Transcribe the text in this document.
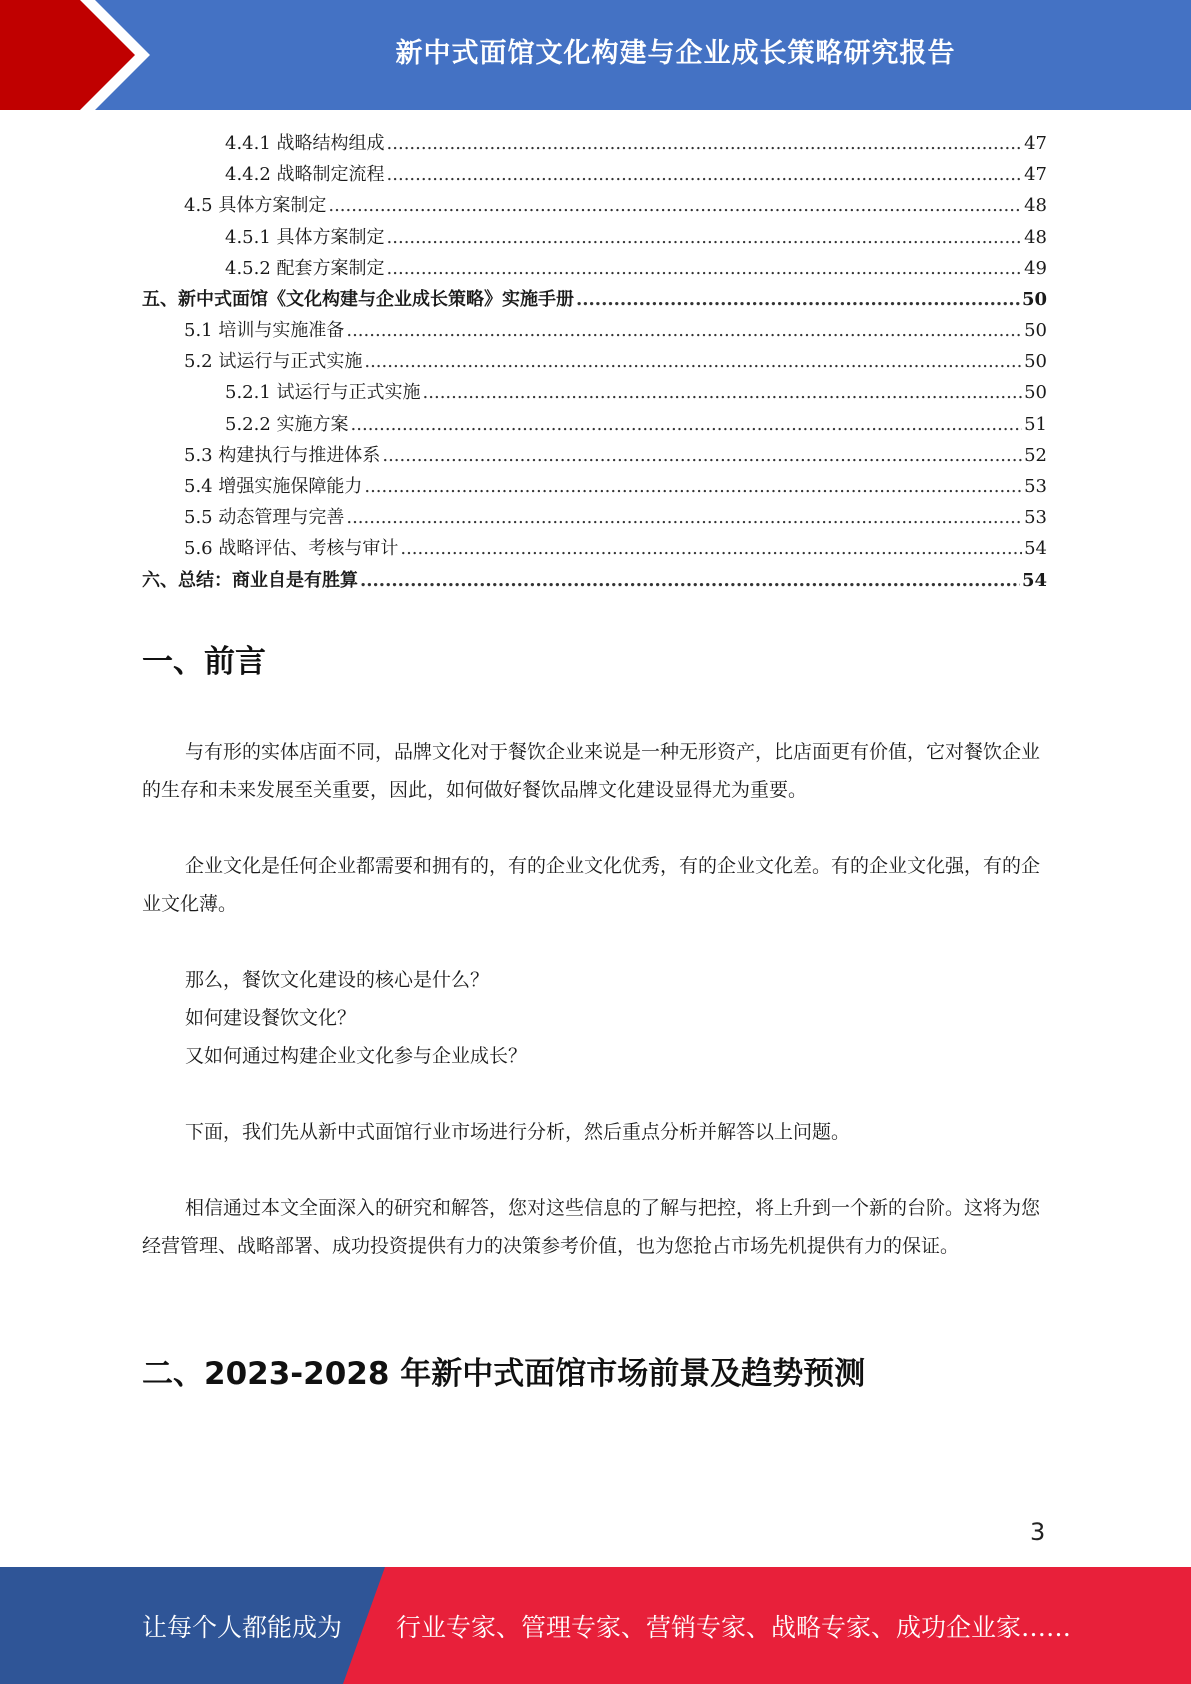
新中式面馆文化构建与企业成长策略研究报告
4.4.1 战略结构组成 .....	47
4.4.2 战略制定流程 .....	47
4.5 具体方案制定 .....	48
4.5.1 具体方案制定 .....	48
4.5.2 配套方案制定 .....	49
五、新中式面馆《文化构建与企业成长策略》实施手册 .....	50
5.1 培训与实施准备 .....	50
5.2 试运行与正式实施 .....	50
5.2.1 试运行与正式实施 .....	50
5.2.2 实施方案 .....	51
5.3 构建执行与推进体系 .....	52
5.4 增强实施保障能力 .....	53
5.5 动态管理与完善 .....	53
5.6 战略评估、考核与审计 .....	54
六、总结：商业自是有胜算 .....	54
一、前言

与有形的实体店面不同，品牌文化对于餐饮企业来说是一种无形资产，比店面更有价值，它对餐饮企业的生存和未来发展至关重要，因此，如何做好餐饮品牌文化建设显得尤为重要。

企业文化是任何企业都需要和拥有的，有的企业文化优秀，有的企业文化差。有的企业文化强，有的企业文化薄。

那么，餐饮文化建设的核心是什么？

如何建设餐饮文化？

又如何通过构建企业文化参与企业成长？

下面，我们先从新中式面馆行业市场进行分析，然后重点分析并解答以上问题。

相信通过本文全面深入的研究和解答，您对这些信息的了解与把控，将上升到一个新的台阶。这将为您经营管理、战略部署、成功投资提供有力的决策参考价值，也为您抢占市场先机提供有力的保证。

二、2023-2028 年新中式面馆市场前景及趋势预测
3
让每个人都能成为 行业专家、管理专家、营销专家、战略专家、成功企业家……
